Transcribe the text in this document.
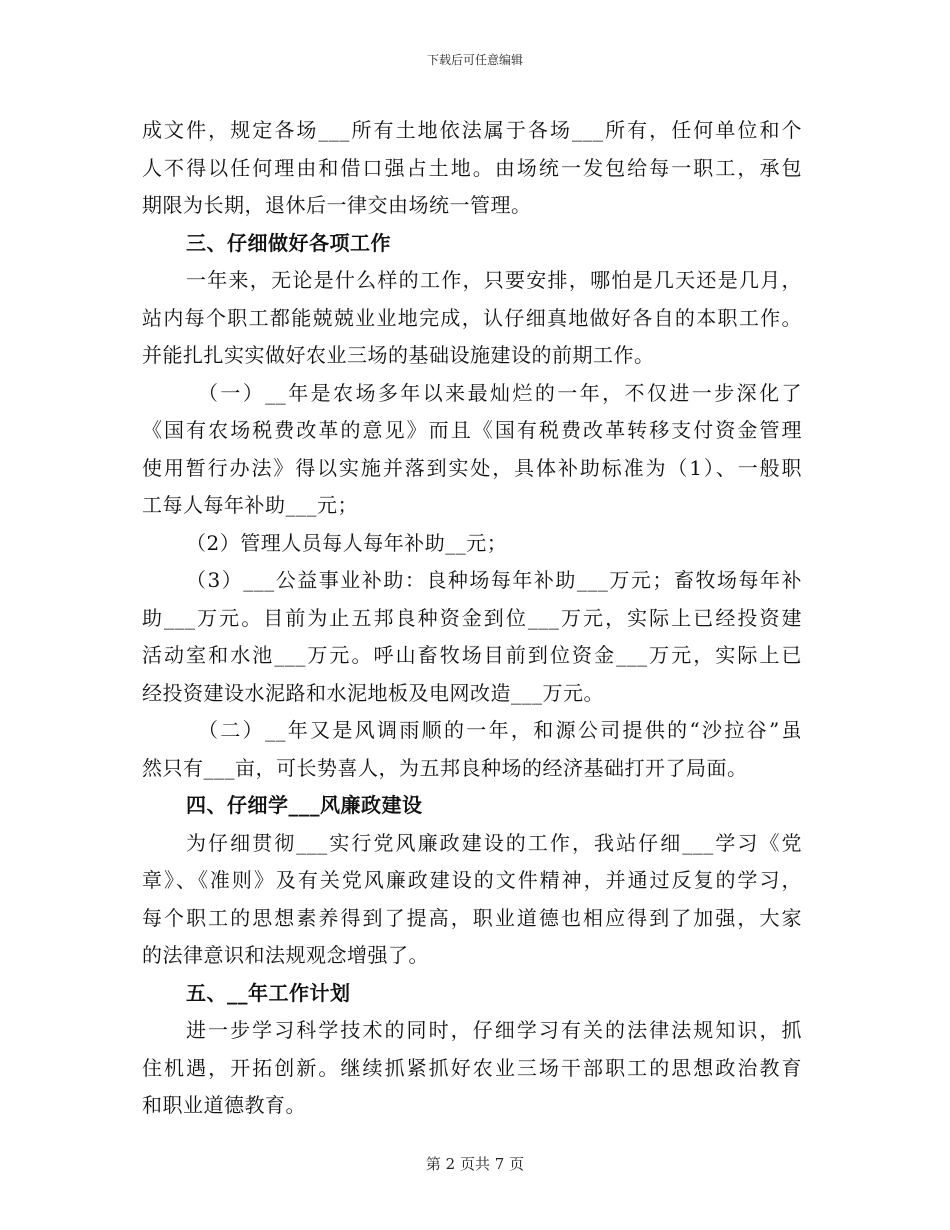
下载后可任意编辑
成文件，规定各场___所有土地依法属于各场___所有，任何单位和个
人不得以任何理由和借口强占土地。由场统一发包给每一职工，承包
期限为长期，退休后一律交由场统一管理。
三、仔细做好各项工作
一年来，无论是什么样的工作，只要安排，哪怕是几天还是几月，
站内每个职工都能兢兢业业地完成，认仔细真地做好各自的本职工作。
并能扎扎实实做好农业三场的基础设施建设的前期工作。
（一）__年是农场多年以来最灿烂的一年，不仅进一步深化了
《国有农场税费改革的意见》而且《国有税费改革转移支付资金管理
使用暂行办法》得以实施并落到实处，具体补助标准为（1）、一般职
工每人每年补助___元；
（2）管理人员每人每年补助__元；
（3）___公益事业补助：良种场每年补助___万元；畜牧场每年补
助___万元。目前为止五邦良种资金到位___万元，实际上已经投资建
活动室和水池___万元。呼山畜牧场目前到位资金___万元，实际上已
经投资建设水泥路和水泥地板及电网改造___万元。
（二）__年又是风调雨顺的一年，和源公司提供的“沙拉谷”虽
然只有___亩，可长势喜人，为五邦良种场的经济基础打开了局面。
四、仔细学___风廉政建设
为仔细贯彻___实行党风廉政建设的工作，我站仔细___学习《党
章》、《准则》及有关党风廉政建设的文件精神，并通过反复的学习，
每个职工的思想素养得到了提高，职业道德也相应得到了加强，大家
的法律意识和法规观念增强了。
五、__年工作计划
进一步学习科学技术的同时，仔细学习有关的法律法规知识，抓
住机遇，开拓创新。继续抓紧抓好农业三场干部职工的思想政治教育
和职业道德教育。
第 2 页共 7 页
